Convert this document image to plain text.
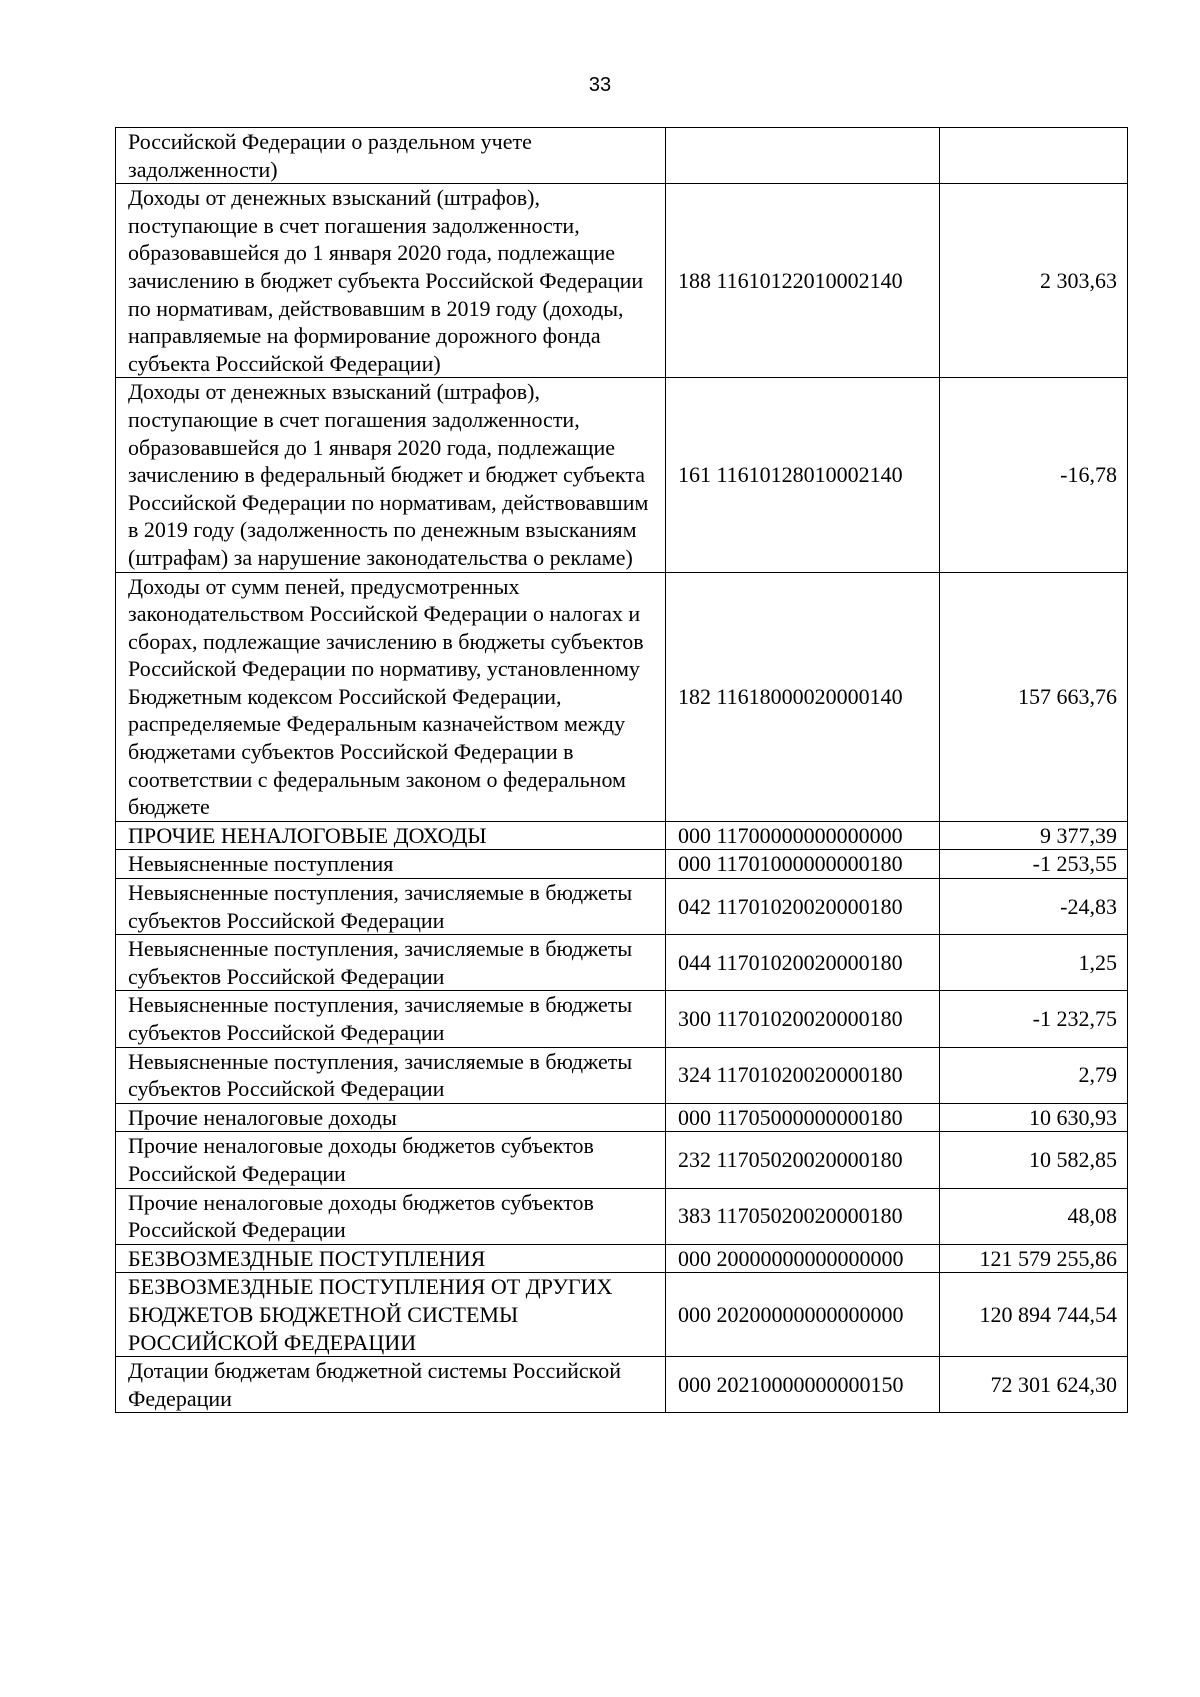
33
Российской Федерации о раздельном учете задолженности)		
Доходы от денежных взысканий (штрафов), поступающие в счет погашения задолженности, образовавшейся до 1 января 2020 года, подлежащие зачислению в бюджет субъекта Российской Федерации по нормативам, действовавшим в 2019 году (доходы, направляемые на формирование дорожного фонда субъекта Российской Федерации)	188 11610122010002140	2 303,63
Доходы от денежных взысканий (штрафов), поступающие в счет погашения задолженности, образовавшейся до 1 января 2020 года, подлежащие зачислению в федеральный бюджет и бюджет субъекта Российской Федерации по нормативам, действовавшим в 2019 году (задолженность по денежным взысканиям (штрафам) за нарушение законодательства о рекламе)	161 11610128010002140	-16,78
Доходы от сумм пеней, предусмотренных законодательством Российской Федерации о налогах и сборах, подлежащие зачислению в бюджеты субъектов Российской Федерации по нормативу, установленному Бюджетным кодексом Российской Федерации, распределяемые Федеральным казначейством между бюджетами субъектов Российской Федерации в соответствии с федеральным законом о федеральном бюджете	182 11618000020000140	157 663,76
ПРОЧИЕ НЕНАЛОГОВЫЕ ДОХОДЫ	000 11700000000000000	9 377,39
Невыясненные поступления	000 11701000000000180	-1 253,55
Невыясненные поступления, зачисляемые в бюджеты субъектов Российской Федерации	042 11701020020000180	-24,83
Невыясненные поступления, зачисляемые в бюджеты субъектов Российской Федерации	044 11701020020000180	1,25
Невыясненные поступления, зачисляемые в бюджеты субъектов Российской Федерации	300 11701020020000180	-1 232,75
Невыясненные поступления, зачисляемые в бюджеты субъектов Российской Федерации	324 11701020020000180	2,79
Прочие неналоговые доходы	000 11705000000000180	10 630,93
Прочие неналоговые доходы бюджетов субъектов Российской Федерации	232 11705020020000180	10 582,85
Прочие неналоговые доходы бюджетов субъектов Российской Федерации	383 11705020020000180	48,08
БЕЗВОЗМЕЗДНЫЕ ПОСТУПЛЕНИЯ	000 20000000000000000	121 579 255,86
БЕЗВОЗМЕЗДНЫЕ ПОСТУПЛЕНИЯ ОТ ДРУГИХ БЮДЖЕТОВ БЮДЖЕТНОЙ СИСТЕМЫ РОССИЙСКОЙ ФЕДЕРАЦИИ	000 20200000000000000	120 894 744,54
Дотации бюджетам бюджетной системы Российской Федерации	000 20210000000000150	72 301 624,30
